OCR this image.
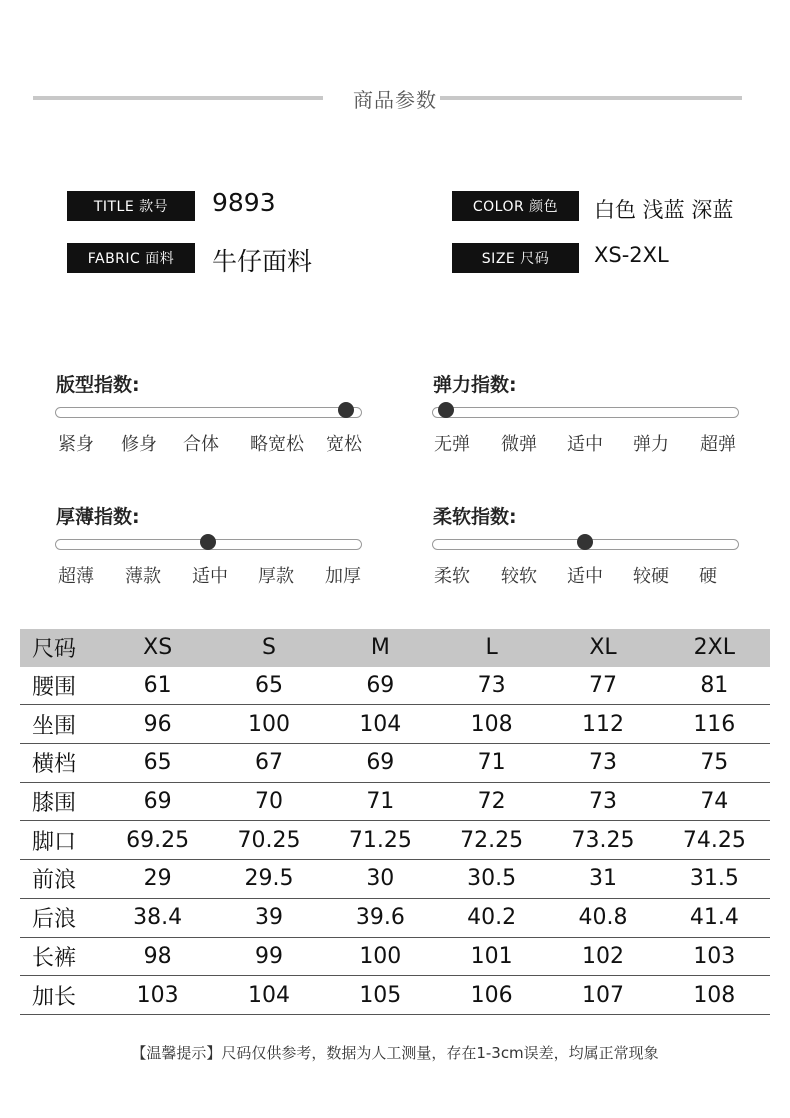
商品参数
TITLE 款号	9893
FABRIC 面料	牛仔面料
COLOR 颜色	白色 浅蓝 深蓝
SIZE 尺码	XS-2XL
版型指数:
紧身	修身	合体	略宽松	宽松
弹力指数:
无弹	微弹	适中	弹力	超弹
厚薄指数:
超薄	薄款	适中	厚款	加厚
柔软指数:
柔软	较软	适中	较硬	硬
尺码	XS	S	M	L	XL	2XL
腰围	61	65	69	73	77	81
坐围	96	100	104	108	112	116
横档	65	67	69	71	73	75
膝围	69	70	71	72	73	74
脚口	69.25	70.25	71.25	72.25	73.25	74.25
前浪	29	29.5	30	30.5	31	31.5
后浪	38.4	39	39.6	40.2	40.8	41.4
长裤	98	99	100	101	102	103
加长	103	104	105	106	107	108
【温馨提示】尺码仅供参考，数据为人工测量，存在1-3cm误差，均属正常现象
